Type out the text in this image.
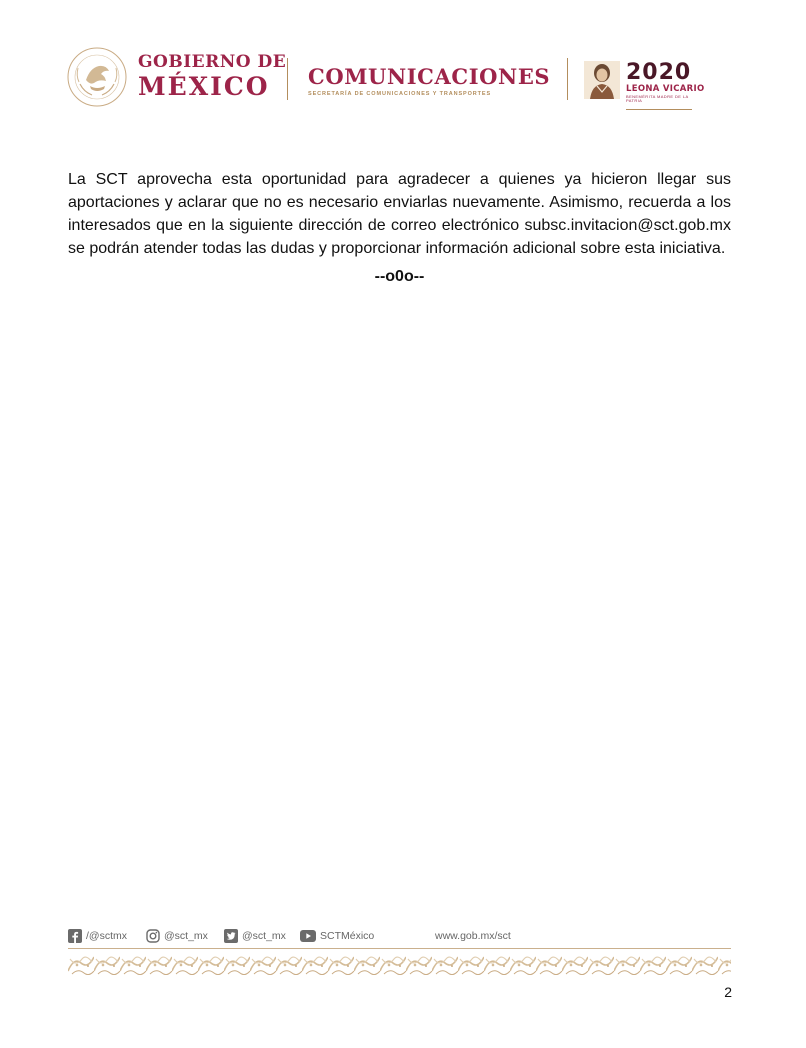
GOBIERNO DE
MÉXICO	COMUNICACIONES
SECRETARÍA DE COMUNICACIONES Y TRANSPORTES
2020
LEONA VICARIO
BENEMÉRITA MADRE DE LA PATRIA

La SCT aprovecha esta oportunidad para agradecer a quienes ya hicieron llegar sus aportaciones y aclarar que no es necesario enviarlas nuevamente. Asimismo, recuerda a los interesados que en la siguiente dirección de correo electrónico subsc.invitacion@sct.gob.mx se podrán atender todas las dudas y proporcionar información adicional sobre esta iniciativa.

--o0o--

/@sctmx	@sct_mx	@sct_mx	SCTMéxico	www.gob.mx/sct
2
